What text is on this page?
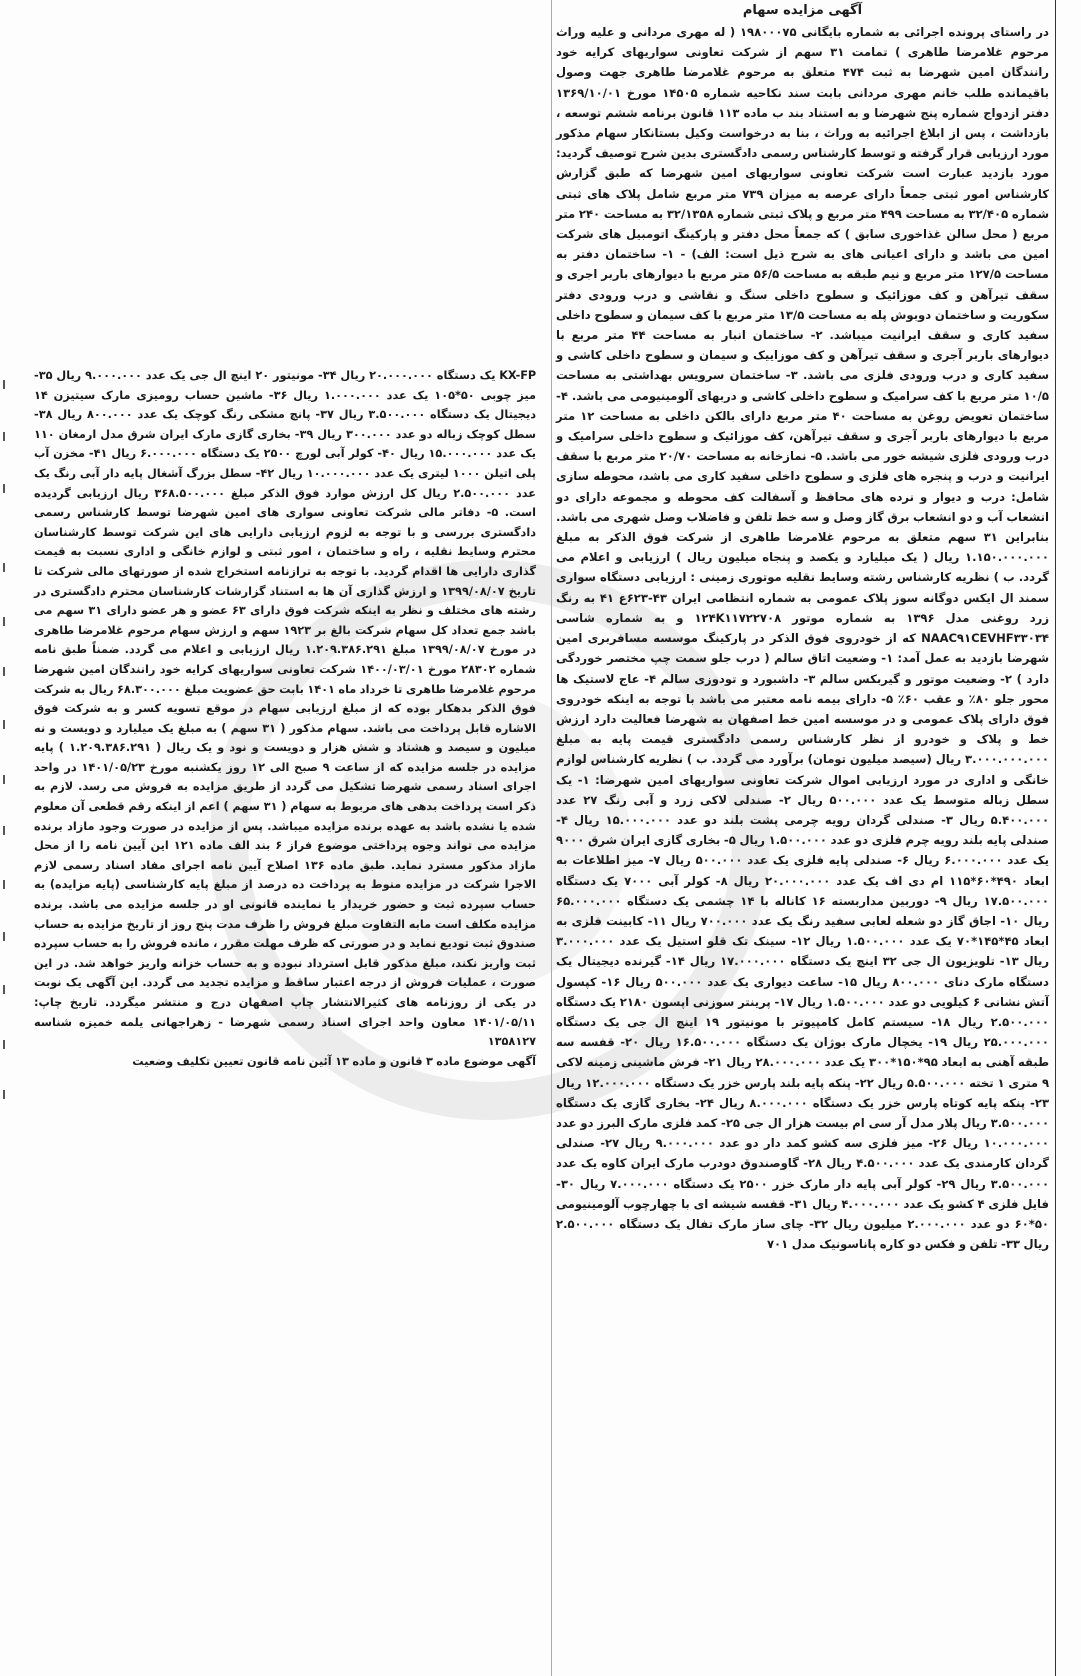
آگهی مزایده سهام

در راستای پرونده اجرائی به شماره بایگانی ۱۹۸۰۰۰۷۵ ( له مهری مردانی و علیه وراث مرحوم غلامرضا طاهری ) تمامت ۳۱ سهم از شرکت تعاونی سواریهای کرایه خود رانندگان امین شهرضا به ثبت ۴۷۴ متعلق به مرحوم غلامرضا طاهری جهت وصول باقیمانده طلب خانم مهری مردانی بابت سند نکاحیه شماره ۱۴۵۰۵ مورخ ۱۳۶۹/۱۰/۰۱ دفتر ازدواج شماره پنج شهرضا و به استناد بند ب ماده ۱۱۳ قانون برنامه ششم توسعه ، بازداشت ، پس از ابلاغ اجرائیه به وراث ، بنا به درخواست وکیل بستانکار سهام مذکور مورد ارزیابی قرار گرفته و توسط کارشناس رسمی دادگستری بدین شرح توصیف گردید: مورد بازدید عبارت است شرکت تعاونی سواریهای امین شهرضا که طبق گزارش کارشناس امور ثبتی جمعاً دارای عرصه به میزان ۷۳۹ متر مربع شامل پلاک های ثبتی شماره ۳۲/۴۰۵ به مساحت ۴۹۹ متر مربع و پلاک ثبتی شماره ۳۲/۱۳۵۸ به مساحت ۲۴۰ متر مربع ( محل سالن غذاخوری سابق ) که جمعاً محل دفتر و پارکینگ اتومبیل های شرکت امین می باشد و دارای اعیانی های به شرح ذیل است: الف) - ۱- ساختمان دفتر به مساحت ۱۲۷/۵ متر مربع و نیم طبقه به مساحت ۵۶/۵ متر مربع با دیوارهای باربر اجری و سقف تیرآهن و کف موزائیک و سطوح داخلی سنگ و نقاشی و درب ورودی دفتر سکوریت و ساختمان دوبوش پله به مساحت ۱۳/۵ متر مربع با کف سیمان و سطوح داخلی سفید کاری و سقف ایرانیت میباشد. ۲- ساختمان انبار به مساحت ۴۴ متر مربع با دیوارهای باربر آجری و سقف تیرآهن و کف موزاییک و سیمان و سطوح داخلی کاشی و سفید کاری و درب ورودی فلزی می باشد. ۳- ساختمان سرویس بهداشتی به مساحت ۱۰/۵ متر مربع با کف سرامیک و سطوح داخلی کاشی و دربهای آلومینیومی می باشد. ۴- ساختمان تعویض روغن به مساحت ۴۰ متر مربع دارای بالکن داخلی به مساحت ۱۲ متر مربع با دیوارهای باربر آجری و سقف تیرآهن، کف موزائیک و سطوح داخلی سرامیک و درب ورودی فلزی شیشه خور می باشد. ۵- نمازخانه به مساحت ۲۰/۷۰ متر مربع با سقف ایرانیت و درب و پنجره های فلزی و سطوح داخلی سفید کاری می باشد، محوطه سازی شامل: درب و دیوار و نرده های محافظ و آسفالت کف محوطه و مجموعه دارای دو انشعاب آب و دو انشعاب برق گاز وصل و سه خط تلفن و فاضلاب وصل شهری می باشد. بنابراین ۳۱ سهم متعلق به مرحوم غلامرضا طاهری از شرکت فوق الذکر به مبلغ ۱.۱۵۰.۰۰۰.۰۰۰ ریال ( یک میلیارد و یکصد و پنجاه میلیون ریال ) ارزیابی و اعلام می گردد. ب ) نظریه کارشناس رشته وسایط نقلیه موتوری زمینی : ارزیابی دستگاه سواری سمند ال ایکس دوگانه سوز پلاک عمومی به شماره انتظامی ایران ۴۳-۶۲۳ع ۴۱ به رنگ زرد روغنی مدل ۱۳۹۶ به شماره موتور ۱۲۴K۱۱۷۲۲۷۰۸ و به شماره شاسی NAAC۹۱CEVHF۳۳۰۳۴ که از خودروی فوق الذکر در پارکینگ موسسه مسافربری امین شهرضا بازدید به عمل آمد: ۱- وضعیت اتاق سالم ( درب جلو سمت چپ مختصر خوردگی دارد ) ۲- وضعیت موتور و گیربکس سالم ۳- داشبورد و تودوزی سالم ۴- عاج لاستیک ها محور جلو ۸۰٪ و عقب ۶۰٪ ۵- دارای بیمه نامه معتبر می باشد با توجه به اینکه خودروی فوق دارای پلاک عمومی و در موسسه امین خط اصفهان به شهرضا فعالیت دارد ارزش خط و پلاک و خودرو از نظر کارشناس رسمی دادگستری قیمت پایه به مبلغ ۳.۰۰۰.۰۰۰.۰۰۰ ریال (سیصد میلیون تومان) برآورد می گردد. ب ) نظریه کارشناس لوازم خانگی و اداری در مورد ارزیابی اموال شرکت تعاونی سواریهای امین شهرضا: ۱- یک سطل زباله متوسط یک عدد ۵۰۰.۰۰۰ ریال ۲- صندلی لاکی زرد و آبی رنگ ۲۷ عدد ۵.۴۰۰.۰۰۰ ریال ۳- صندلی گردان رویه چرمی پشت بلند دو عدد ۱۵.۰۰۰.۰۰۰ ریال ۴- صندلی پایه بلند رویه چرم فلزی دو عدد ۱.۵۰۰.۰۰۰ ریال ۵- بخاری گازی ایران شرق ۹۰۰۰ یک عدد ۶.۰۰۰.۰۰۰ ریال ۶- صندلی پایه فلزی یک عدد ۵۰۰.۰۰۰ ریال ۷- میز اطلاعات به ابعاد ۴۹۰*۶۰*۱۱۵ ام دی اف یک عدد ۲۰.۰۰۰.۰۰۰ ریال ۸- کولر آبی ۷۰۰۰ یک دستگاه ۱۷.۵۰۰.۰۰۰ ریال ۹- دوربین مداربسته ۱۶ کاناله با ۱۴ چشمی یک دستگاه ۶۵.۰۰۰.۰۰۰ ریال ۱۰- اجاق گاز دو شعله لعابی سفید رنگ یک عدد ۷۰۰.۰۰۰ ریال ۱۱- کابینت فلزی به ابعاد ۴۵*۱۴۵*۷۰ یک عدد ۱.۵۰۰.۰۰۰ ریال ۱۲- سینک تک قلو استیل یک عدد ۳.۰۰۰.۰۰۰ ریال ۱۳- تلویزیون ال جی ۳۲ اینچ یک دستگاه ۱۷.۰۰۰.۰۰۰ ریال ۱۴- گیرنده دیجیتال یک دستگاه مارک دنای ۸۰۰.۰۰۰ ریال ۱۵- ساعت دیواری یک عدد ۵۰۰.۰۰۰ ریال ۱۶- کپسول آتش نشانی ۶ کیلویی دو عدد ۱.۵۰۰.۰۰۰ ریال ۱۷- پرینتر سوزنی اپسون ۲۱۸۰ یک دستگاه ۲.۵۰۰.۰۰۰ ریال ۱۸- سیستم کامل کامپیوتر با مونیتور ۱۹ اینچ ال جی یک دستگاه ۲۵.۰۰۰.۰۰۰ ریال ۱۹- یخچال مارک بوژان یک دستگاه ۱۶.۵۰۰.۰۰۰ ریال ۲۰- قفسه سه طبقه آهنی به ابعاد ۹۵*۱۵۰*۳۰۰ یک عدد ۲۸.۰۰۰.۰۰۰ ریال ۲۱- فرش ماشینی زمینه لاکی ۹ متری ۱ تخته ۵.۵۰۰.۰۰۰ ریال ۲۲- پنکه پایه بلند پارس خزر یک دستگاه ۱۲.۰۰۰.۰۰۰ ریال ۲۳- پنکه پایه کوتاه پارس خزر یک دستگاه ۸.۰۰۰.۰۰۰ ریال ۲۴- بخاری گازی یک دستگاه ۳.۵۰۰.۰۰۰ ریال پلار مدل آر سی ام بیست هزار ال جی ۲۵- کمد فلزی مارک البرز دو عدد ۱۰.۰۰۰.۰۰۰ ریال ۲۶- میز فلزی سه کشو کمد دار دو عدد ۹.۰۰۰.۰۰۰ ریال ۲۷- صندلی گردان کارمندی یک عدد ۴.۵۰۰.۰۰۰ ریال ۲۸- گاوصندوق دودرب مارک ایران کاوه یک عدد ۳.۵۰۰.۰۰۰ ریال ۲۹- کولر آبی پایه دار مارک خزر ۲۵۰۰ یک دستگاه ۷.۰۰۰.۰۰۰ ریال ۳۰- فایل فلزی ۴ کشو یک عدد ۴.۰۰۰.۰۰۰ ریال ۳۱- قفسه شیشه ای با چهارچوب آلومینیومی ۵۰*۶۰ دو عدد ۲.۰۰۰.۰۰۰ میلیون ریال ۳۲- چای ساز مارک تفال یک دستگاه ۲.۵۰۰.۰۰۰ ریال ۳۳- تلفن و فکس دو کاره پاناسونیک مدل ۷۰۱

KX-FP یک دستگاه ۲۰.۰۰۰.۰۰۰ ریال ۳۴- مونیتور ۲۰ اینچ ال جی یک عدد ۹.۰۰۰.۰۰۰ ریال ۳۵- میز چوبی ۵۰*۱۰۵ یک عدد ۱.۰۰۰.۰۰۰ ریال ۳۶- ماشین حساب رومیزی مارک سیتیزن ۱۴ دیجیتال یک دستگاه ۳.۵۰۰.۰۰۰ ریال ۳۷- پانچ مشکی رنگ کوچک یک عدد ۸۰۰.۰۰۰ ریال ۳۸- سطل کوچک زباله دو عدد ۳۰۰.۰۰۰ ریال ۳۹- بخاری گازی مارک ایران شرق مدل ارمغان ۱۱۰ یک عدد ۱۵.۰۰۰.۰۰۰ ریال ۴۰- کولر آبی لورچ ۲۵۰۰ یک دستگاه ۶.۰۰۰.۰۰۰ ریال ۴۱- مخزن آب پلی اتیلن ۱۰۰۰ لیتری یک عدد ۱۰.۰۰۰.۰۰۰ ریال ۴۲- سطل بزرگ آشغال پایه دار آبی رنگ یک عدد ۲.۵۰۰.۰۰۰ ریال کل ارزش موارد فوق الذکر مبلغ ۳۶۸.۵۰۰.۰۰۰ ریال ارزیابی گردیده است. ۵- دفاتر مالی شرکت تعاونی سواری های امین شهرضا توسط کارشناس رسمی دادگستری بررسی و با توجه به لزوم ارزیابی دارایی های این شرکت توسط کارشناسان محترم وسایط نقلیه ، راه و ساختمان ، امور ثبتی و لوازم خانگی و اداری نسبت به قیمت گذاری دارایی ها اقدام گردید. با توجه به ترازنامه استخراج شده از صورتهای مالی شرکت تا تاریخ ۱۳۹۹/۰۸/۰۷ و ارزش گذاری آن ها به استناد گزارشات کارشناسان محترم دادگستری در رشته های مختلف و نظر به اینکه شرکت فوق دارای ۶۳ عضو و هر عضو دارای ۳۱ سهم می باشد جمع تعداد کل سهام شرکت بالغ بر ۱۹۲۳ سهم و ارزش سهام مرحوم غلامرضا طاهری در مورخ ۱۳۹۹/۰۸/۰۷ مبلغ ۱.۲۰۹.۳۸۶.۲۹۱ ریال ارزیابی و اعلام می گردد. ضمناً طبق نامه شماره ۲۸۳۰۲ مورخ ۱۴۰۰/۰۳/۰۱ شرکت تعاونی سواریهای کرایه خود رانندگان امین شهرضا مرحوم غلامرضا طاهری تا خرداد ماه ۱۴۰۱ بابت حق عضویت مبلغ ۶۸.۳۰۰.۰۰۰ ریال به شرکت فوق الذکر بدهکار بوده که از مبلغ ارزیابی سهام در موقع تسویه کسر و به شرکت فوق الاشاره قابل پرداخت می باشد. سهام مذکور ( ۳۱ سهم ) به مبلغ یک میلیارد و دویست و نه میلیون و سیصد و هشتاد و شش هزار و دویست و نود و یک ریال ( ۱.۲۰۹.۳۸۶.۲۹۱ ) پایه مزایده در جلسه مزایده که از ساعت ۹ صبح الی ۱۲ روز یکشنبه مورخ ۱۴۰۱/۰۵/۲۳ در واحد اجرای اسناد رسمی شهرضا تشکیل می گردد از طریق مزایده به فروش می رسد. لازم به ذکر است پرداخت بدهی های مربوط به سهام ( ۳۱ سهم ) اعم از اینکه رقم قطعی آن معلوم شده یا نشده باشد به عهده برنده مزایده میباشد. پس از مزایده در صورت وجود مازاد برنده مزایده می تواند وجوه پرداختی موضوع فراز ۶ بند الف ماده ۱۲۱ این آیین نامه را از محل مازاد مذکور مسترد نماید. طبق ماده ۱۳۶ اصلاح آیین نامه اجرای مفاد اسناد رسمی لازم الاجرا شرکت در مزایده منوط به پرداخت ده درصد از مبلغ پایه کارشناسی (پایه مزایده) به حساب سپرده ثبت و حضور خریدار یا نماینده قانونی او در جلسه مزایده می باشد. برنده مزایده مکلف است مابه التفاوت مبلغ فروش را ظرف مدت پنج روز از تاریخ مزایده به حساب صندوق ثبت تودیع نماید و در صورتی که ظرف مهلت مقرر ، مانده فروش را به حساب سپرده ثبت واریز نکند، مبلغ مذکور قابل استرداد نبوده و به حساب خزانه واریز خواهد شد. در این صورت ، عملیات فروش از درجه اعتبار ساقط و مزایده تجدید می گردد. این آگهی یک نوبت در یکی از روزنامه های کثیرالانتشار چاپ اصفهان درج و منتشر میگردد. تاریخ چاپ: ۱۴۰۱/۰۵/۱۱ معاون واحد اجرای اسناد رسمی شهرضا - زهراجهانی یلمه خمیزه شناسه ۱۳۵۸۱۲۷

آگهی موضوع ماده ۳ قانون و ماده ۱۳ آئین نامه قانون تعیین تکلیف وضعیت
